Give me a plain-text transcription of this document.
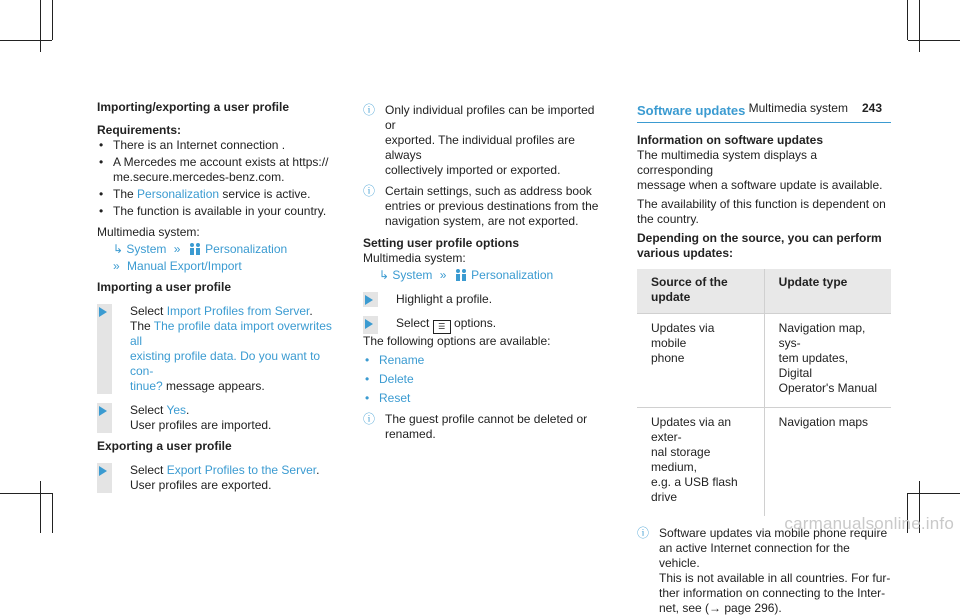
Multimedia system 243
Importing/exporting a user profile
Requirements:
• There is an Internet connection .
• A Mercedes me account exists at https://
me.secure.mercedes-benz.com.
• The Personalization service is active.
• The function is available in your country.
Multimedia system:
↳ System » Personalization
» Manual Export/Import
Importing a user profile
Select Import Profiles from Server.
The The profile data import overwrites all
existing profile data. Do you want to con-
tinue? message appears.
Select Yes.
User profiles are imported.
Exporting a user profile
Select Export Profiles to the Server.
User profiles are exported.
ⓘ Only individual profiles can be imported or
exported. The individual profiles are always
collectively imported or exported.
ⓘ Certain settings, such as address book
entries or previous destinations from the
navigation system, are not exported.
Setting user profile options
Multimedia system:
↳ System » Personalization
Highlight a profile.
Select ☰ options.
The following options are available:
• Rename
• Delete
• Reset
ⓘ The guest profile cannot be deleted or
renamed.
Software updates
Information on software updates
The multimedia system displays a corresponding
message when a software update is available.
The availability of this function is dependent on
the country.
Depending on the source, you can perform
various updates:
Source of the
update	Update type
Updates via mobile
phone	Navigation map, sys-
tem updates, Digital
Operator's Manual
Updates via an exter-
nal storage medium,
e.g. a USB flash drive	Navigation maps
ⓘ Software updates via mobile phone require
an active Internet connection for the vehicle.
This is not available in all countries. For fur-
ther information on connecting to the Inter-
net, see (→ page 296).
carmanualsonline.info
